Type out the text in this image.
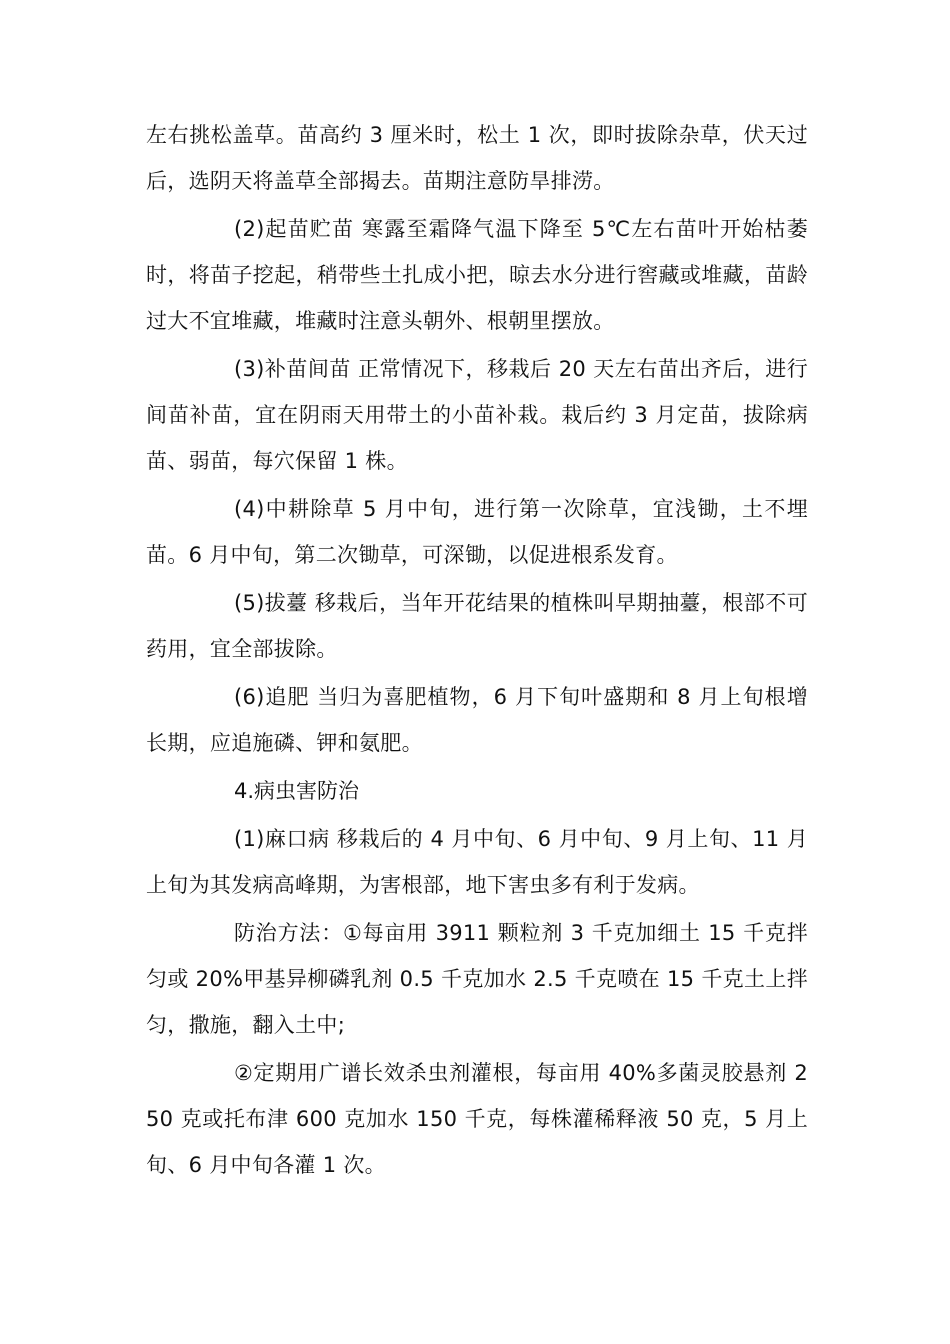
左右挑松盖草。苗高约 3 厘米时，松土 1 次，即时拔除杂草，伏天过后，选阴天将盖草全部揭去。苗期注意防旱排涝。

(2)起苗贮苗 寒露至霜降气温下降至 5℃左右苗叶开始枯萎时，将苗子挖起，稍带些土扎成小把，晾去水分进行窖藏或堆藏，苗龄过大不宜堆藏，堆藏时注意头朝外、根朝里摆放。

(3)补苗间苗 正常情况下，移栽后 20 天左右苗出齐后，进行间苗补苗，宜在阴雨天用带土的小苗补栽。栽后约 3 月定苗，拔除病苗、弱苗，每穴保留 1 株。

(4)中耕除草 5 月中旬，进行第一次除草，宜浅锄，土不埋苗。6 月中旬，第二次锄草，可深锄，以促进根系发育。

(5)拔薹 移栽后，当年开花结果的植株叫早期抽薹，根部不可药用，宜全部拔除。

(6)追肥 当归为喜肥植物，6 月下旬叶盛期和 8 月上旬根增长期，应追施磷、钾和氨肥。

4.病虫害防治

(1)麻口病 移栽后的 4 月中旬、6 月中旬、9 月上旬、11 月上旬为其发病高峰期，为害根部，地下害虫多有利于发病。

防治方法：①每亩用 3911 颗粒剂 3 千克加细土 15 千克拌匀或 20%甲基异柳磷乳剂 0.5 千克加水 2.5 千克喷在 15 千克土上拌匀，撒施，翻入土中;

②定期用广谱长效杀虫剂灌根，每亩用 40%多菌灵胶悬剂 250 克或托布津 600 克加水 150 千克，每株灌稀释液 50 克，5 月上旬、6 月中旬各灌 1 次。
